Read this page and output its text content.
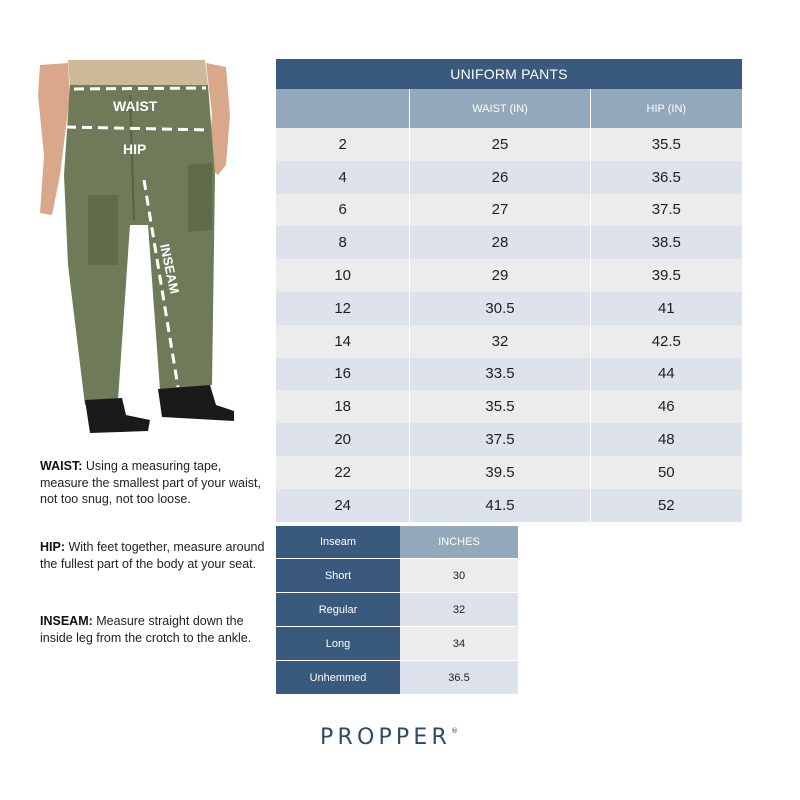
WAIST
HIP
INSEAM
UNIFORM PANTS		
	WAIST (IN)	HIP (IN)
2	25	35.5
4	26	36.5
6	27	37.5
8	28	38.5
10	29	39.5
12	30.5	41
14	32	42.5
16	33.5	44
18	35.5	46
20	37.5	48
22	39.5	50
24	41.5	52
Inseam	INCHES
Short	30
Regular	32
Long	34
Unhemmed	36.5
WAIST: Using a measuring tape, measure the smallest part of your waist, not too snug, not too loose.
HIP: With feet together, measure around the fullest part of the body at your seat.
INSEAM: Measure straight down the inside leg from the crotch to the ankle.
PROPPER®
